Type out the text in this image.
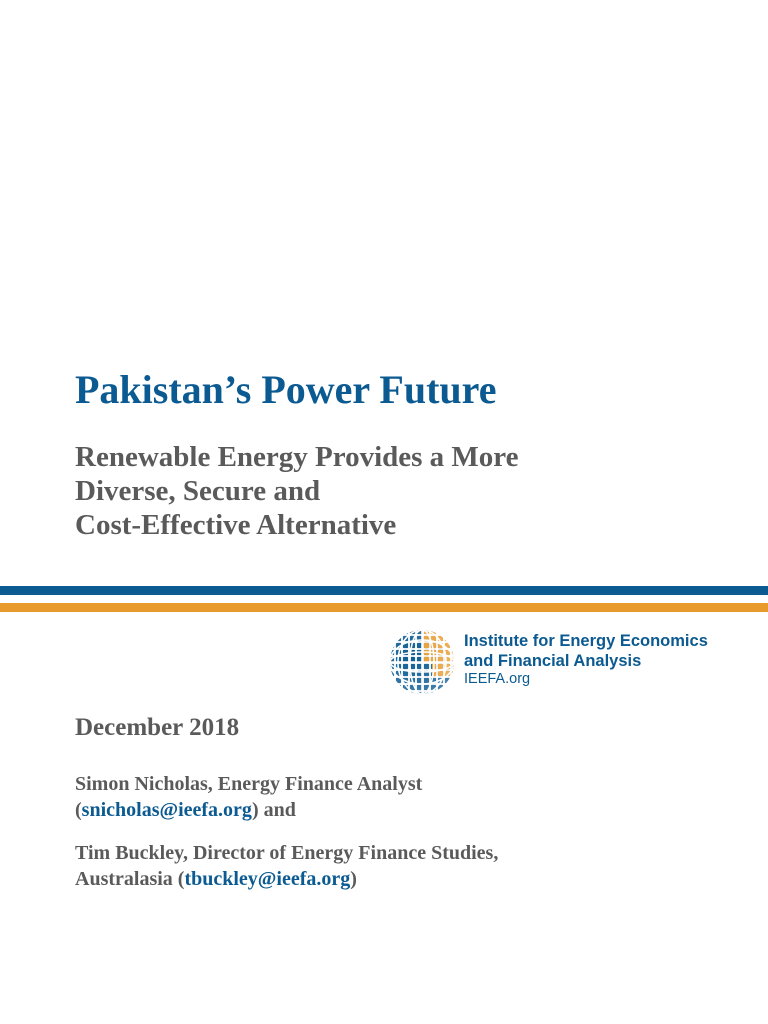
Pakistan’s Power Future
Renewable Energy Provides a More
Diverse, Secure and
Cost-Effective Alternative
Institute for Energy Economics
and Financial Analysis
IEEFA.org
December 2018
Simon Nicholas, Energy Finance Analyst
(snicholas@ieefa.org) and
Tim Buckley, Director of Energy Finance Studies,
Australasia (tbuckley@ieefa.org)
